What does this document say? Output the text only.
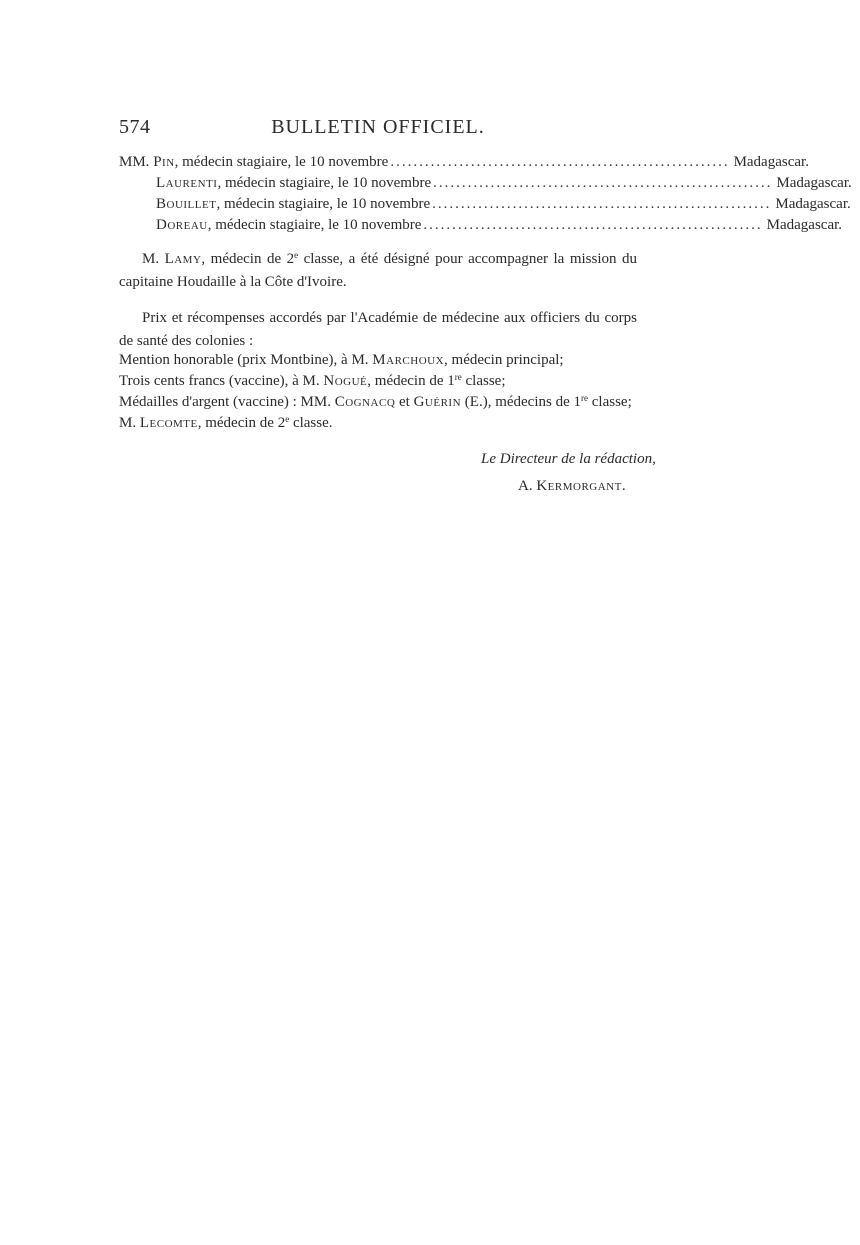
574	BULLETIN OFFICIEL.
MM. Pin, médecin stagiaire, le 10 novembre ........................................................... Madagascar.
Laurenti, médecin stagiaire, le 10 novembre ........................................................... Madagascar.
Bouillet, médecin stagiaire, le 10 novembre ........................................................... Madagascar.
Doreau, médecin stagiaire, le 10 novembre ........................................................... Madagascar.

M. Lamy, médecin de 2e classe, a été désigné pour accompagner la mission du capitaine Houdaille à la Côte d'Ivoire.

Prix et récompenses accordés par l'Académie de médecine aux officiers du corps de santé des colonies :

Mention honorable (prix Montbine), à M. Marchoux, médecin principal;
Trois cents francs (vaccine), à M. Nogué, médecin de 1re classe;
Médailles d'argent (vaccine) : MM. Cognacq et Guérin (E.), médecins de 1re classe;
M. Lecomte, médecin de 2e classe.
Le Directeur de la rédaction,
A. Kermorgant.
